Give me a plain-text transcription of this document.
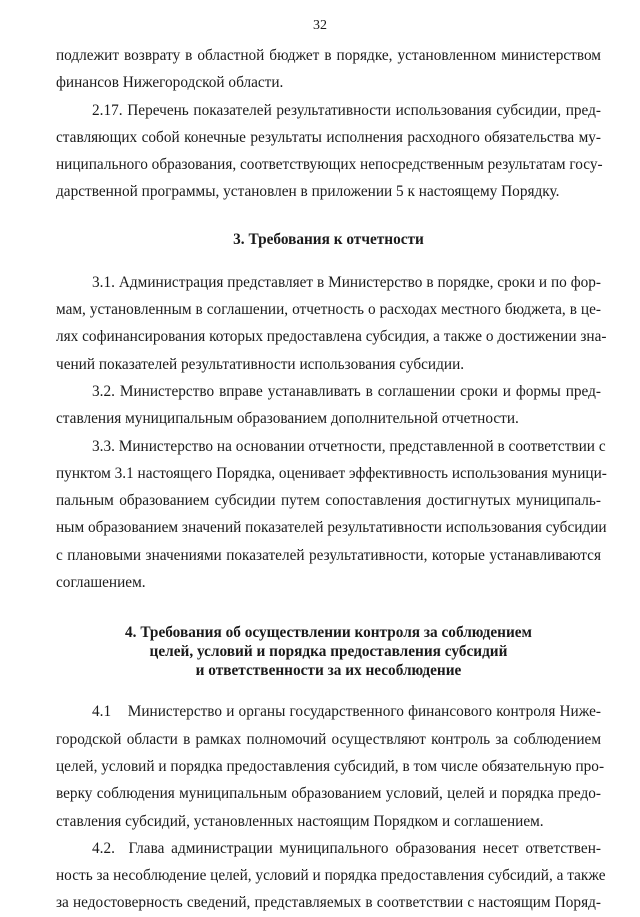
32
подлежит возврату в областной бюджет в порядке, установленном министерством
финансов Нижегородской области.
2.17. Перечень показателей результативности использования субсидии, пред-
ставляющих собой конечные результаты исполнения расходного обязательства му-
ниципального образования, соответствующих непосредственным результатам госу-
дарственной программы, установлен в приложении 5 к настоящему Порядку.
3. Требования к отчетности
3.1. Администрация представляет в Министерство в порядке, сроки и по фор-
мам, установленным в соглашении, отчетность о расходах местного бюджета, в це-
лях софинансирования которых предоставлена субсидия, а также о достижении зна-
чений показателей результативности использования субсидии.
3.2. Министерство вправе устанавливать в соглашении сроки и формы пред-
ставления муниципальным образованием дополнительной отчетности.
3.3. Министерство на основании отчетности, представленной в соответствии с
пунктом 3.1 настоящего Порядка, оценивает эффективность использования муници-
пальным образованием субсидии путем сопоставления достигнутых муниципаль-
ным образованием значений показателей результативности использования субсидии
с плановыми значениями показателей результативности, которые устанавливаются
соглашением.
4. Требования об осуществлении контроля за соблюдением
целей, условий и порядка предоставления субсидий
и ответственности за их несоблюдение
4.1    Министерство и органы государственного финансового контроля Ниже-
городской области в рамках полномочий осуществляют контроль за соблюдением
целей, условий и порядка предоставления субсидий, в том числе обязательную про-
верку соблюдения муниципальным образованием условий, целей и порядка предо-
ставления субсидий, установленных настоящим Порядком и соглашением.
4.2.  Глава администрации муниципального образования несет ответствен-
ность за несоблюдение целей, условий и порядка предоставления субсидий, а также
за недостоверность сведений, представляемых в соответствии с настоящим Поряд-
